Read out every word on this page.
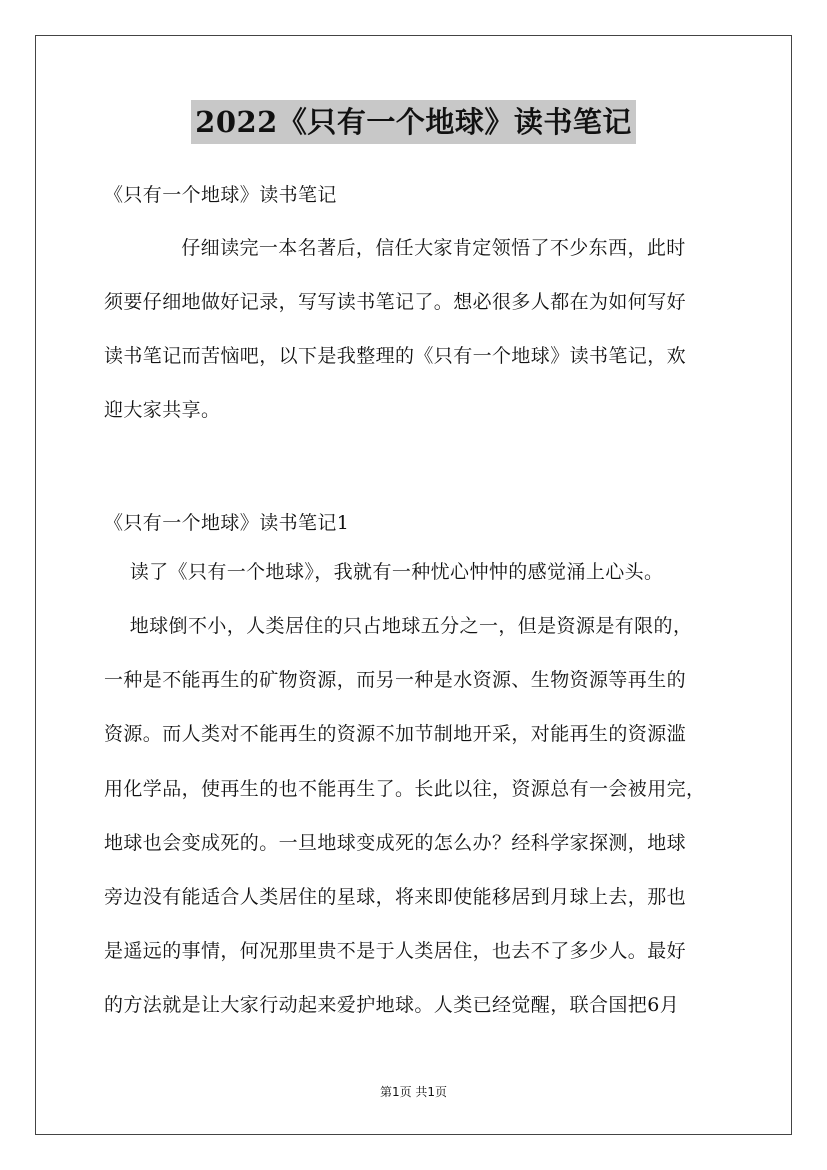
2022《只有一个地球》读书笔记
《只有一个地球》读书笔记
仔细读完一本名著后，信任大家肯定领悟了不少东西，此时
须要仔细地做好记录，写写读书笔记了。想必很多人都在为如何写好
读书笔记而苦恼吧，以下是我整理的《只有一个地球》读书笔记，欢
迎大家共享。
《只有一个地球》读书笔记1
读了《只有一个地球》，我就有一种忧心忡忡的感觉涌上心头。
地球倒不小，人类居住的只占地球五分之一，但是资源是有限的，
一种是不能再生的矿物资源，而另一种是水资源、生物资源等再生的
资源。而人类对不能再生的资源不加节制地开采，对能再生的资源滥
用化学品，使再生的也不能再生了。长此以往，资源总有一会被用完，
地球也会变成死的。一旦地球变成死的怎么办？经科学家探测，地球
旁边没有能适合人类居住的星球，将来即使能移居到月球上去，那也
是遥远的事情，何况那里贵不是于人类居住，也去不了多少人。最好
的方法就是让大家行动起来爱护地球。人类已经觉醒，联合国把6月
第1页 共1页
